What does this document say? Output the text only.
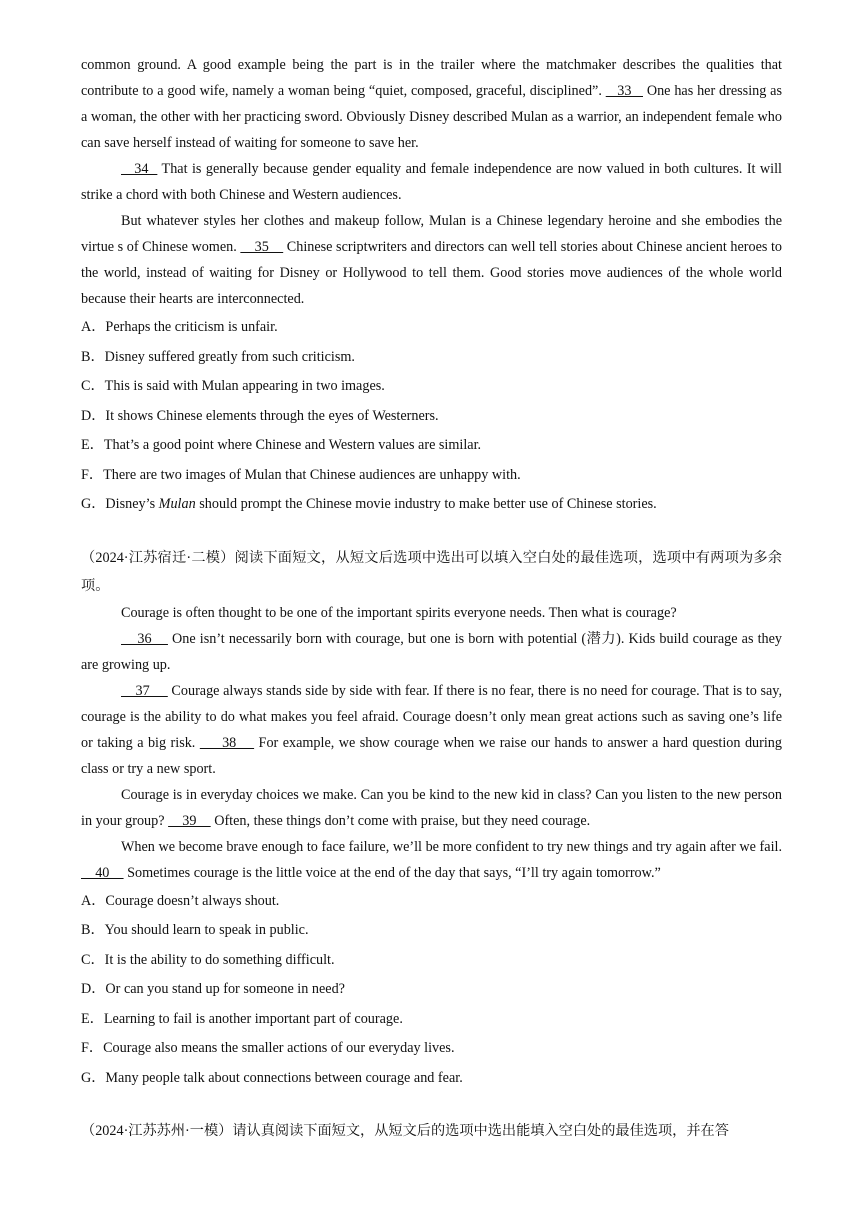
common ground. A good example being the part is in the trailer where the matchmaker describes the qualities that contribute to a good wife, namely a woman being “quiet, composed, graceful, disciplined”.    33    One has her dressing as a woman, the other with her practicing sword. Obviously Disney described Mulan as a warrior, an independent female who can save herself instead of waiting for someone to save her.

34   That is generally because gender equality and female independence are now valued in both cultures. It will strike a chord with both Chinese and Western audiences.

But whatever styles her clothes and makeup follow, Mulan is a Chinese legendary heroine and she embodies the virtue s of Chinese women.     35     Chinese scriptwriters and directors can well tell stories about Chinese ancient heroes to the world, instead of waiting for Disney or Hollywood to tell them. Good stories move audiences of the whole world because their hearts are interconnected.

A．Perhaps the criticism is unfair.

B．Disney suffered greatly from such criticism.

C．This is said with Mulan appearing in two images.

D．It shows Chinese elements through the eyes of Westerners.

E．That’s a good point where Chinese and Western values are similar.

F．There are two images of Mulan that Chinese audiences are unhappy with.

G．Disney’s Mulan should prompt the Chinese movie industry to make better use of Chinese stories.

（2024·江苏宿迁·二模）阅读下面短文，从短文后选项中选出可以填入空白处的最佳选项，选项中有两项为多余项。

Courage is often thought to be one of the important spirits everyone needs. Then what is courage?

36     One isn’t necessarily born with courage, but one is born with potential (潜力). Kids build courage as they are growing up.

37      Courage always stands side by side with fear. If there is no fear, there is no need for courage. That is to say, courage is the ability to do what makes you feel afraid. Courage doesn’t only mean great actions such as saving one’s life or taking a big risk.      38     For example, we show courage when we raise our hands to answer a hard question during class or try a new sport.

Courage is in everyday choices we make. Can you be kind to the new kid in class? Can you listen to the new person in your group?     39     Often, these things don’t come with praise, but they need courage.

When we become brave enough to face failure, we’ll be more confident to try new things and try again after we fail.     40     Sometimes courage is the little voice at the end of the day that says, “I’ll try again tomorrow.”

A．Courage doesn’t always shout.

B．You should learn to speak in public.

C．It is the ability to do something difficult.

D．Or can you stand up for someone in need?

E．Learning to fail is another important part of courage.

F．Courage also means the smaller actions of our everyday lives.

G．Many people talk about connections between courage and fear.

（2024·江苏苏州·一模）请认真阅读下面短文，从短文后的选项中选出能填入空白处的最佳选项，并在答
